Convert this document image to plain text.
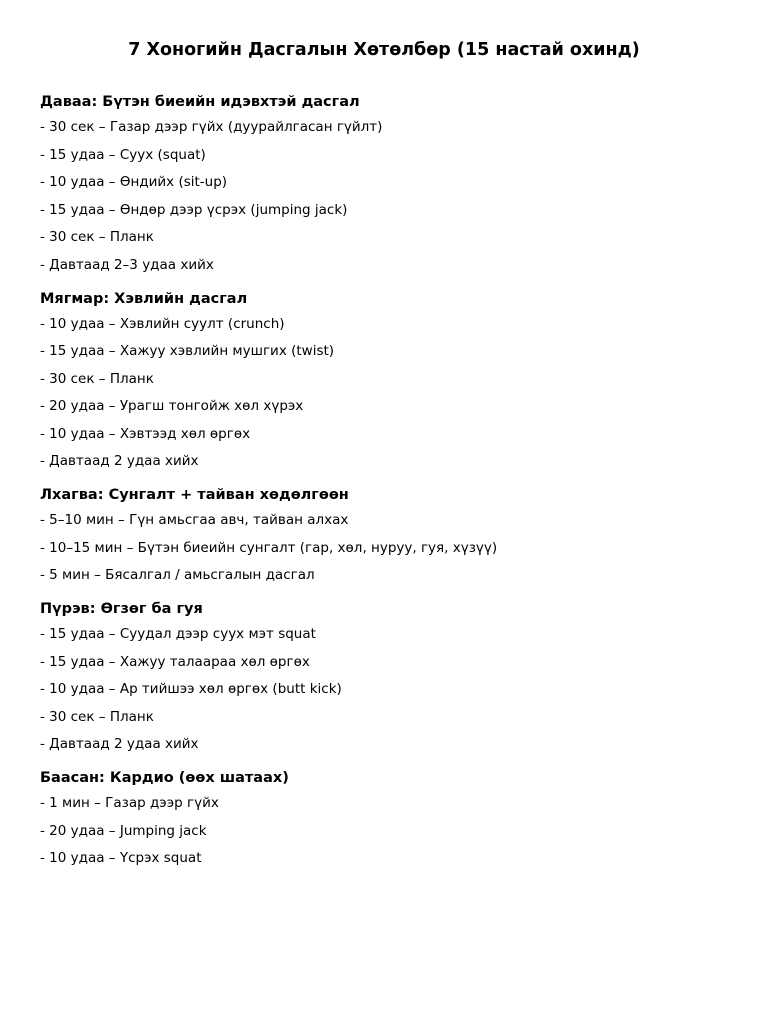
7 Хоногийн Дасгалын Хөтөлбөр (15 настай охинд)
Даваа: Бүтэн биеийн идэвхтэй дасгал
- 30 сек – Газар дээр гүйх (дуурайлгасан гүйлт)
- 15 удаа – Суух (squat)
- 10 удаа – Өндийх (sit-up)
- 15 удаа – Өндөр дээр үсрэх (jumping jack)
- 30 сек – Планк
- Давтаад 2–3 удаа хийх
Мягмар: Хэвлийн дасгал
- 10 удаа – Хэвлийн суулт (crunch)
- 15 удаа – Хажуу хэвлийн мушгих (twist)
- 30 сек – Планк
- 20 удаа – Урагш тонгойж хөл хүрэх
- 10 удаа – Хэвтээд хөл өргөх
- Давтаад 2 удаа хийх
Лхагва: Сунгалт + тайван хөдөлгөөн
- 5–10 мин – Гүн амьсгаа авч, тайван алхах
- 10–15 мин – Бүтэн биеийн сунгалт (гар, хөл, нуруу, гуя, хүзүү)
- 5 мин – Бясалгал / амьсгалын дасгал
Пүрэв: Өгзөг ба гуя
- 15 удаа – Суудал дээр суух мэт squat
- 15 удаа – Хажуу талаараа хөл өргөх
- 10 удаа – Ар тийшээ хөл өргөх (butt kick)
- 30 сек – Планк
- Давтаад 2 удаа хийх
Баасан: Кардио (өөх шатаах)
- 1 мин – Газар дээр гүйх
- 20 удаа – Jumping jack
- 10 удаа – Үсрэх squat
